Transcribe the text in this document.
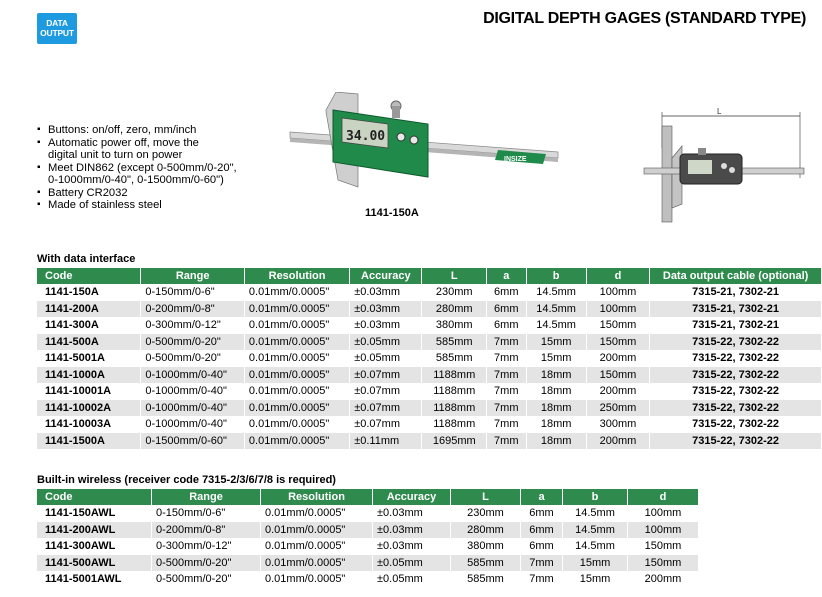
DATA
OUTPUT
DIGITAL DEPTH GAGES (STANDARD TYPE)
▪ Buttons: on/off, zero, mm/inch
▪ Automatic power off, move the
digital unit to turn on power
▪ Meet DIN862 (except 0-500mm/0-20",
0-1000mm/0-40", 0-1500mm/0-60")
▪ Battery CR2032
▪ Made of stainless steel
34.00
INSIZE
1141-150A
L
With data interface
Code	Range	Resolution	Accuracy	L	a	b	d	Data output cable (optional)
1141-150A	0-150mm/0-6"	0.01mm/0.0005"	±0.03mm	230mm	6mm	14.5mm	100mm	7315-21, 7302-21
1141-200A	0-200mm/0-8"	0.01mm/0.0005"	±0.03mm	280mm	6mm	14.5mm	100mm	7315-21, 7302-21
1141-300A	0-300mm/0-12"	0.01mm/0.0005"	±0.03mm	380mm	6mm	14.5mm	150mm	7315-21, 7302-21
1141-500A	0-500mm/0-20"	0.01mm/0.0005"	±0.05mm	585mm	7mm	15mm	150mm	7315-22, 7302-22
1141-5001A	0-500mm/0-20"	0.01mm/0.0005"	±0.05mm	585mm	7mm	15mm	200mm	7315-22, 7302-22
1141-1000A	0-1000mm/0-40"	0.01mm/0.0005"	±0.07mm	1188mm	7mm	18mm	150mm	7315-22, 7302-22
1141-10001A	0-1000mm/0-40"	0.01mm/0.0005"	±0.07mm	1188mm	7mm	18mm	200mm	7315-22, 7302-22
1141-10002A	0-1000mm/0-40"	0.01mm/0.0005"	±0.07mm	1188mm	7mm	18mm	250mm	7315-22, 7302-22
1141-10003A	0-1000mm/0-40"	0.01mm/0.0005"	±0.07mm	1188mm	7mm	18mm	300mm	7315-22, 7302-22
1141-1500A	0-1500mm/0-60"	0.01mm/0.0005"	±0.11mm	1695mm	7mm	18mm	200mm	7315-22, 7302-22
Built-in wireless (receiver code 7315-2/3/6/7/8 is required)
Code	Range	Resolution	Accuracy	L	a	b	d
1141-150AWL	0-150mm/0-6"	0.01mm/0.0005"	±0.03mm	230mm	6mm	14.5mm	100mm
1141-200AWL	0-200mm/0-8"	0.01mm/0.0005"	±0.03mm	280mm	6mm	14.5mm	100mm
1141-300AWL	0-300mm/0-12"	0.01mm/0.0005"	±0.03mm	380mm	6mm	14.5mm	150mm
1141-500AWL	0-500mm/0-20"	0.01mm/0.0005"	±0.05mm	585mm	7mm	15mm	150mm
1141-5001AWL	0-500mm/0-20"	0.01mm/0.0005"	±0.05mm	585mm	7mm	15mm	200mm
